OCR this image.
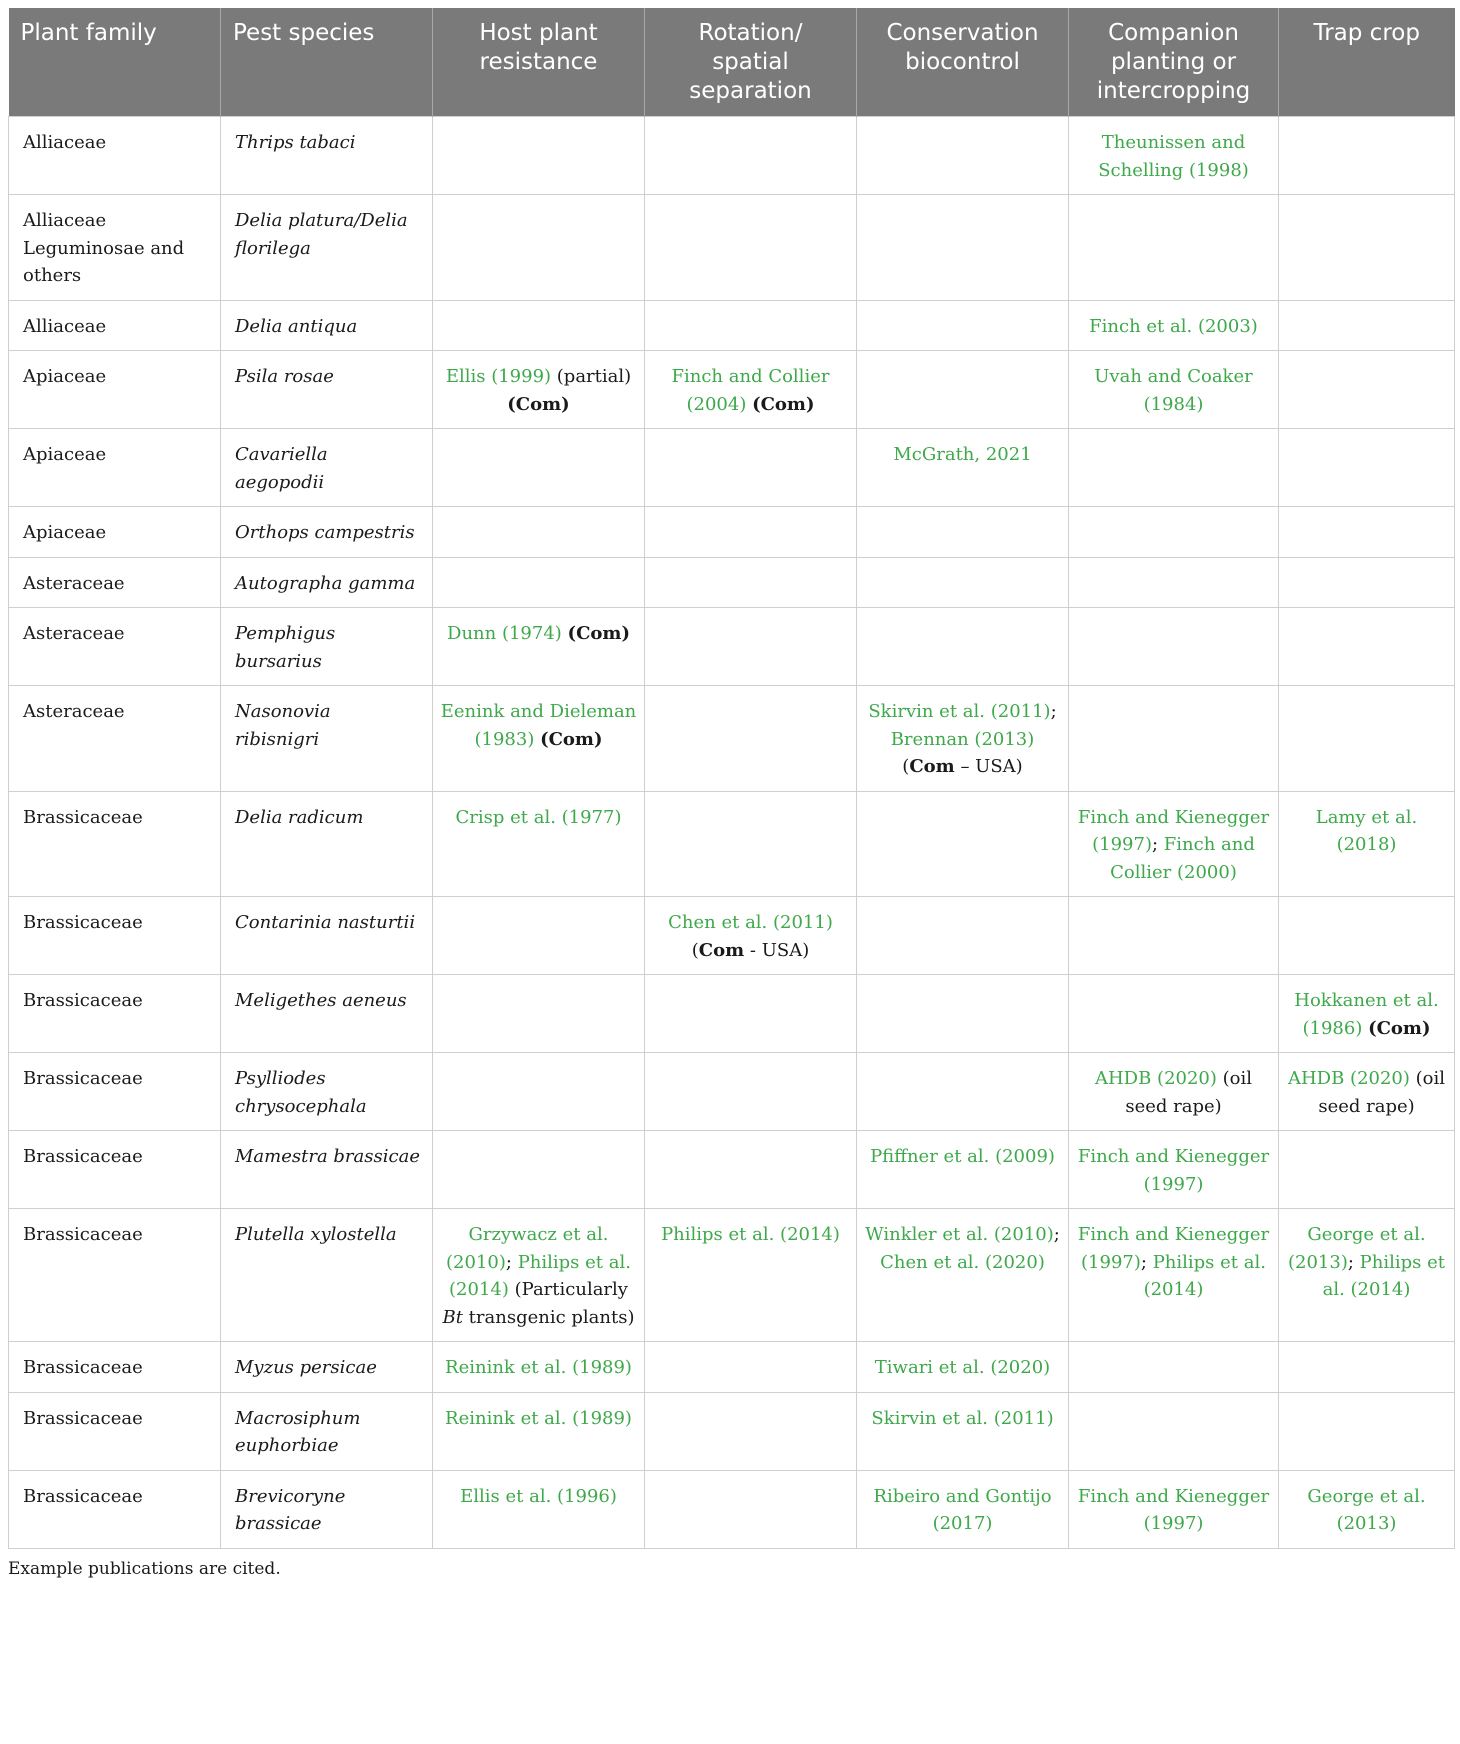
Plant family	Pest species	Host plant resistance	Rotation/ spatial separation	Conservation biocontrol	Companion planting or intercropping	Trap crop
Alliaceae	Thrips tabaci				Theunissen and Schelling (1998)	
Alliaceae Leguminosae and others	Delia platura/Delia florilega					
Alliaceae	Delia antiqua				Finch et al. (2003)	
Apiaceae	Psila rosae	Ellis (1999) (partial) (Com)	Finch and Collier (2004) (Com)		Uvah and Coaker (1984)	
Apiaceae	Cavariella aegopodii			McGrath, 2021		
Apiaceae	Orthops campestris					
Asteraceae	Autographa gamma					
Asteraceae	Pemphigus bursarius	Dunn (1974) (Com)				
Asteraceae	Nasonovia ribisnigri	Eenink and Dieleman (1983) (Com)		Skirvin et al. (2011); Brennan (2013) (Com – USA)		
Brassicaceae	Delia radicum	Crisp et al. (1977)			Finch and Kienegger (1997); Finch and Collier (2000)	Lamy et al. (2018)
Brassicaceae	Contarinia nasturtii		Chen et al. (2011) (Com - USA)			
Brassicaceae	Meligethes aeneus					Hokkanen et al. (1986) (Com)
Brassicaceae	Psylliodes chrysocephala				AHDB (2020) (oil seed rape)	AHDB (2020) (oil seed rape)
Brassicaceae	Mamestra brassicae			Pfiffner et al. (2009)	Finch and Kienegger (1997)	
Brassicaceae	Plutella xylostella	Grzywacz et al. (2010); Philips et al. (2014) (Particularly Bt transgenic plants)	Philips et al. (2014)	Winkler et al. (2010); Chen et al. (2020)	Finch and Kienegger (1997); Philips et al. (2014)	George et al. (2013); Philips et al. (2014)
Brassicaceae	Myzus persicae	Reinink et al. (1989)		Tiwari et al. (2020)		
Brassicaceae	Macrosiphum euphorbiae	Reinink et al. (1989)		Skirvin et al. (2011)		
Brassicaceae	Brevicoryne brassicae	Ellis et al. (1996)		Ribeiro and Gontijo (2017)	Finch and Kienegger (1997)	George et al. (2013)
Example publications are cited.
